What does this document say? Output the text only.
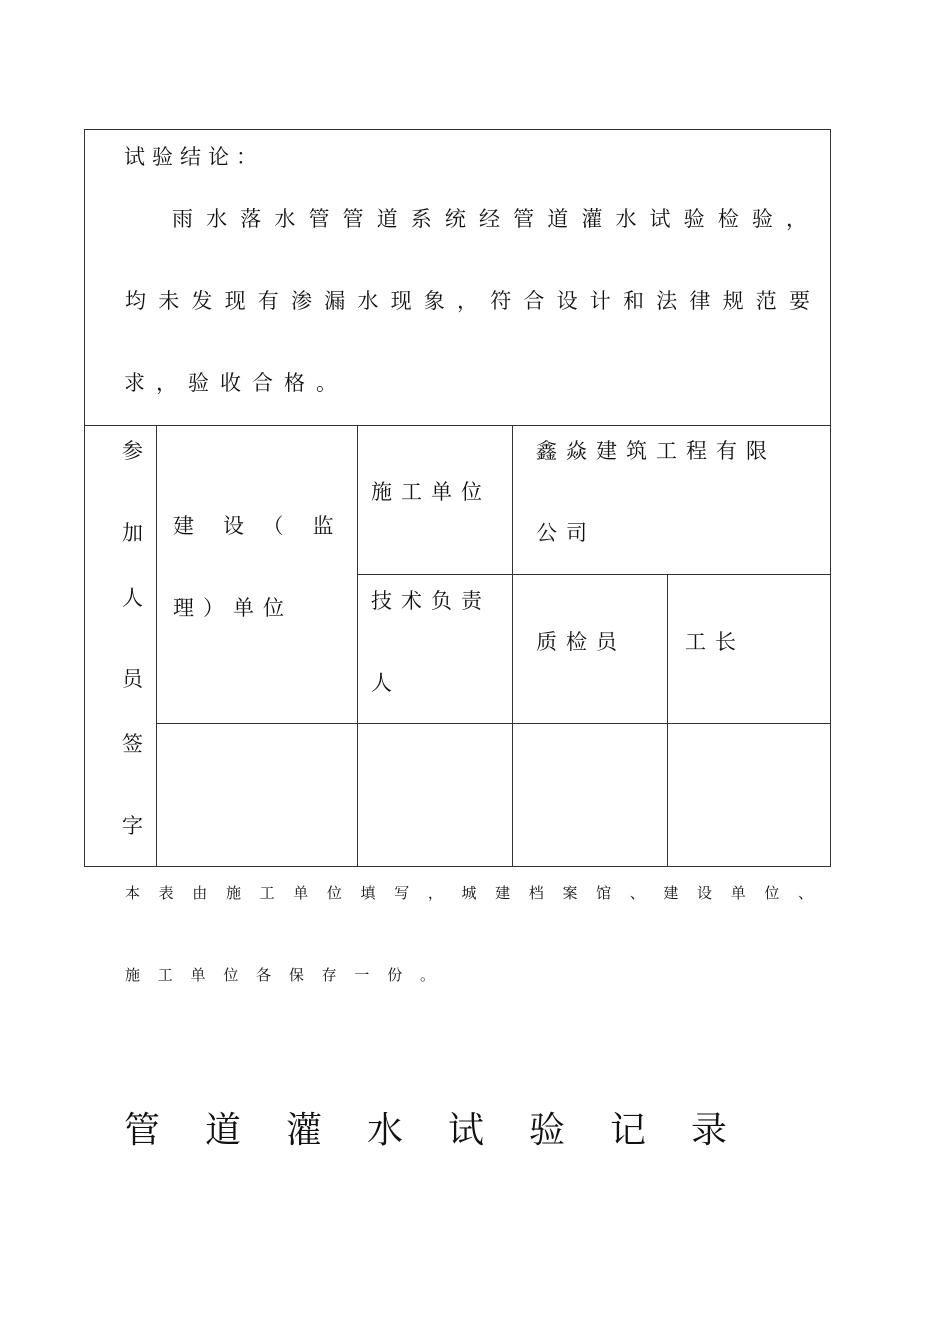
试验结论：
雨水落水管管道系统经管道灌水试验检验，
均未发现有渗漏水现象，符合设计和法律规范要
求，验收合格。
参
加
人
员
签
字
建　设　（　监
理）单位
施工单位
鑫焱建筑工程有限
公司
技术负责
人
质检员	工长
本表由施工单位填写，城建档案馆、建设单位、
施工单位各保存一份。
管道灌水试验记录
